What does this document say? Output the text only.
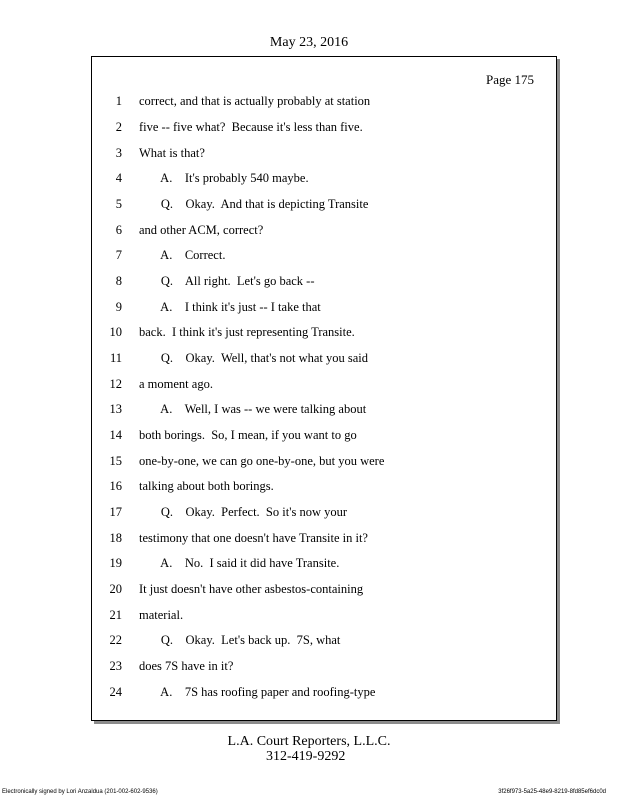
May 23, 2016
Page 175
1 correct, and that is actually probably at station
2 five -- five what?  Because it's less than five.
3 What is that?
4 A.    It's probably 540 maybe.
5 Q.    Okay.  And that is depicting Transite
6 and other ACM, correct?
7 A.    Correct.
8 Q.    All right.  Let's go back --
9 A.    I think it's just -- I take that
10 back.  I think it's just representing Transite.
11 Q.    Okay.  Well, that's not what you said
12 a moment ago.
13 A.    Well, I was -- we were talking about
14 both borings.  So, I mean, if you want to go
15 one-by-one, we can go one-by-one, but you were
16 talking about both borings.
17 Q.    Okay.  Perfect.  So it's now your
18 testimony that one doesn't have Transite in it?
19 A.    No.  I said it did have Transite.
20 It just doesn't have other asbestos-containing
21 material.
22 Q.    Okay.  Let's back up.  7S, what
23 does 7S have in it?
24 A.    7S has roofing paper and roofing-type
L.A. Court Reporters, L.L.C.
312-419-9292
Electronically signed by Lori Anzaldua (201-002-602-9536)	3f26f973-5a25-48e9-8219-8fd85ef6dc0d
